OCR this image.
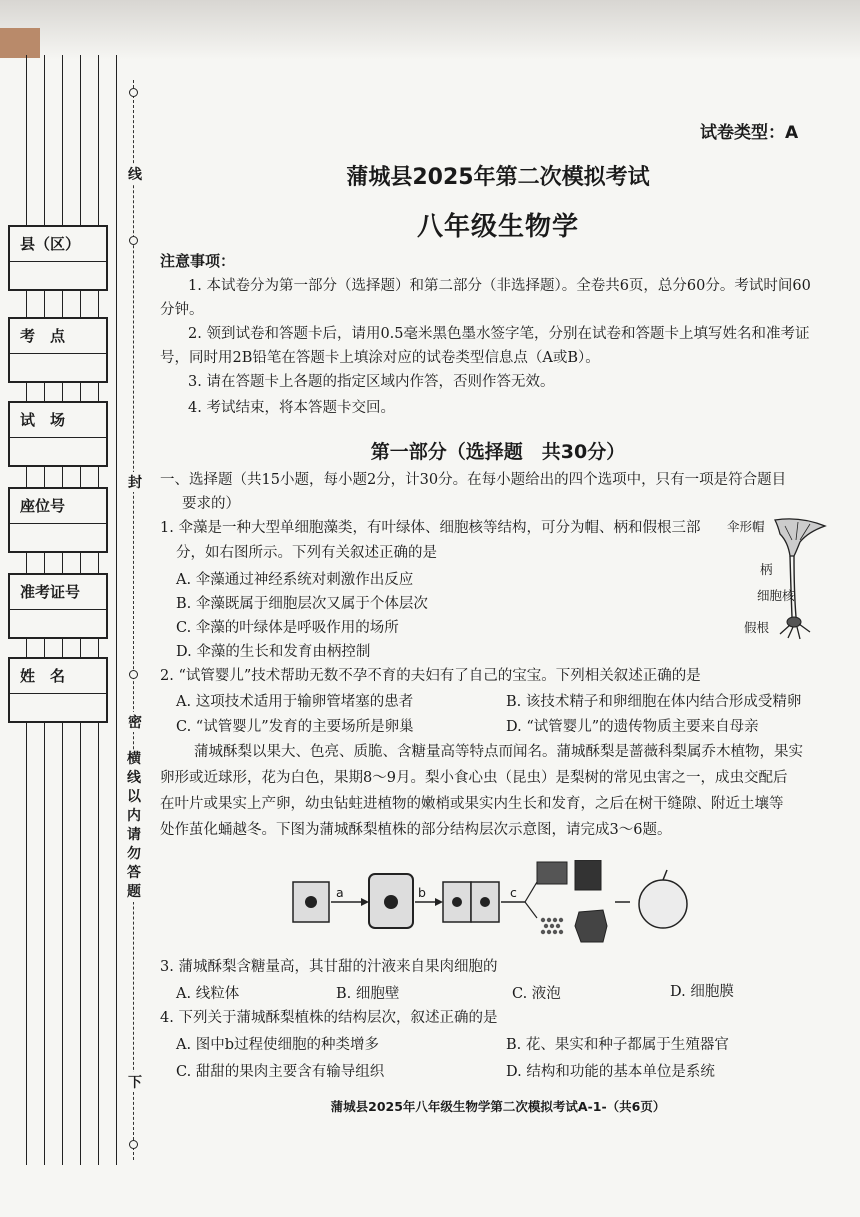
县（区）
考　点
试　场
座位号
准考证号
姓　名
线
封
密
下
横
线
以
内
请
勿
答
题
试卷类型：A
蒲城县2025年第二次模拟考试
八年级生物学
注意事项：
1. 本试卷分为第一部分（选择题）和第二部分（非选择题）。全卷共6页，总分60分。考试时间60分钟。
2. 领到试卷和答题卡后，请用0.5毫米黑色墨水签字笔，分别在试卷和答题卡上填写姓名和准考证号，同时用2B铅笔在答题卡上填涂对应的试卷类型信息点（A或B）。
3. 请在答题卡上各题的指定区域内作答，否则作答无效。
4. 考试结束，将本答题卡交回。
第一部分（选择题　共30分）
一、选择题（共15小题，每小题2分，计30分。在每小题给出的四个选项中，只有一项是符合题目
要求的）
1. 伞藻是一种大型单细胞藻类，有叶绿体、细胞核等结构，可分为帽、柄和假根三部
分，如右图所示。下列有关叙述正确的是
A. 伞藻通过神经系统对刺激作出反应
B. 伞藻既属于细胞层次又属于个体层次
C. 伞藻的叶绿体是呼吸作用的场所
D. 伞藻的生长和发育由柄控制
伞形帽
柄
细胞核
假根
2. “试管婴儿”技术帮助无数不孕不育的夫妇有了自己的宝宝。下列相关叙述正确的是
A. 这项技术适用于输卵管堵塞的患者	B. 该技术精子和卵细胞在体内结合形成受精卵
C. “试管婴儿”发育的主要场所是卵巢	D. “试管婴儿”的遗传物质主要来自母亲
蒲城酥梨以果大、色亮、质脆、含糖量高等特点而闻名。蒲城酥梨是蔷薇科梨属乔木植物，果实
卵形或近球形，花为白色，果期8～9月。梨小食心虫（昆虫）是梨树的常见虫害之一，成虫交配后
在叶片或果实上产卵，幼虫钻蛀进植物的嫩梢或果实内生长和发育，之后在树干缝隙、附近土壤等
处作茧化蛹越冬。下图为蒲城酥梨植株的部分结构层次示意图，请完成3～6题。
a	b	c
3. 蒲城酥梨含糖量高，其甘甜的汁液来自果肉细胞的
A. 线粒体	B. 细胞壁	C. 液泡	D. 细胞膜
4. 下列关于蒲城酥梨植株的结构层次，叙述正确的是
A. 图中b过程使细胞的种类增多	B. 花、果实和种子都属于生殖器官
C. 甜甜的果肉主要含有输导组织	D. 结构和功能的基本单位是系统
蒲城县2025年八年级生物学第二次模拟考试A-1-（共6页）
